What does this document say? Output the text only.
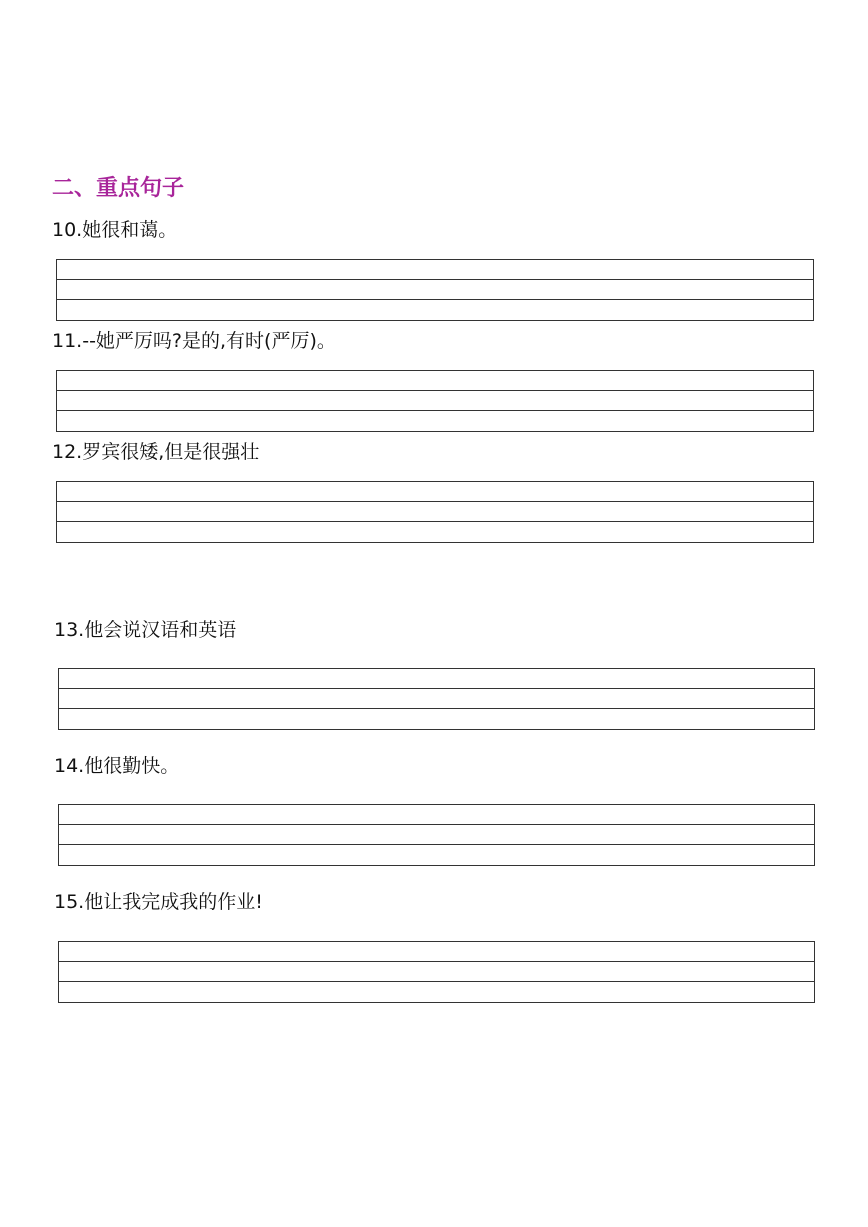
二、重点句子
10.她很和蔼。
11.--她严厉吗?是的,有时(严厉)。
12.罗宾很矮,但是很强壮
13.他会说汉语和英语
14.他很勤快。
15.他让我完成我的作业!
